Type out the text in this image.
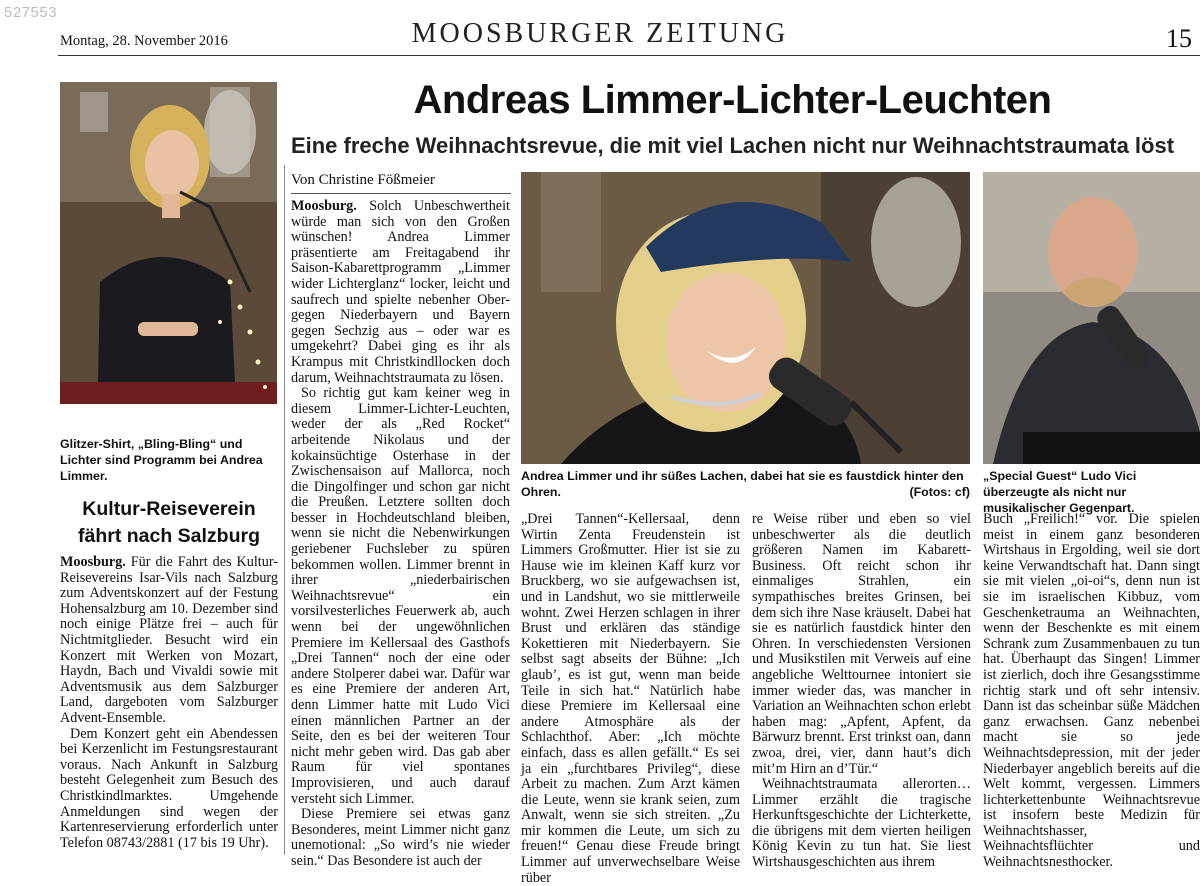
527553
Montag, 28. November 2016	MOOSBURGER ZEITUNG	15
Glitzer-Shirt, „Bling-Bling“ und Lichter sind Programm bei Andrea Limmer.
Kultur-Reiseverein
fährt nach Salzburg

Moosburg. Für die Fahrt des Kultur-Reisevereins Isar-Vils nach Salzburg zum Adventskonzert auf der Festung Hohensalzburg am 10. Dezember sind noch einige Plätze frei – auch für Nichtmitglieder. Besucht wird ein Konzert mit Werken von Mozart, Haydn, Bach und Vivaldi sowie mit Adventsmusik aus dem Salzburger Land, dargeboten vom Salzburger Advent-Ensemble.

Dem Konzert geht ein Abendessen bei Kerzenlicht im Festungsrestaurant voraus. Nach Ankunft in Salzburg besteht Gelegenheit zum Besuch des Christkindlmarktes. Umgehende Anmeldungen sind wegen der Kartenreservierung erforderlich unter Telefon 08743/2881 (17 bis 19 Uhr).

Andreas Limmer-Lichter-Leuchten
Eine freche Weihnachtsrevue, die mit viel Lachen nicht nur Weihnachtstraumata löst
Von Christine Fößmeier

Moosburg. Solch Unbeschwertheit würde man sich von den Großen wünschen! Andrea Limmer präsentierte am Freitagabend ihr Saison-Kabarettprogramm „Limmer wider Lichterglanz“ locker, leicht und saufrech und spielte nebenher Ober- gegen Niederbayern und Bayern gegen Sechzig aus – oder war es umgekehrt? Dabei ging es ihr als Krampus mit Christkindllocken doch darum, Weihnachtstraumata zu lösen.

So richtig gut kam keiner weg in diesem Limmer-Lichter-Leuchten, weder der als „Red Rocket“ arbeitende Nikolaus und der kokainsüchtige Osterhase in der Zwischensaison auf Mallorca, noch die Dingolfinger und schon gar nicht die Preußen. Letztere sollten doch besser in Hochdeutschland bleiben, wenn sie nicht die Nebenwirkungen geriebener Fuchsleber zu spüren bekommen wollen. Limmer brennt in ihrer „niederbairischen Weihnachtsrevue“ ein vorsilvesterliches Feuerwerk ab, auch wenn bei der ungewöhnlichen Premiere im Kellersaal des Gasthofs „Drei Tannen“ noch der eine oder andere Stolperer dabei war. Dafür war es eine Premiere der anderen Art, denn Limmer hatte mit Ludo Vici einen männlichen Partner an der Seite, den es bei der weiteren Tour nicht mehr geben wird. Das gab aber Raum für viel spontanes Improvisieren, und auch darauf versteht sich Limmer.

Diese Premiere sei etwas ganz Besonderes, meint Limmer nicht ganz unemotional: „So wird’s nie wieder sein.“ Das Besondere ist auch der

Andrea Limmer und ihr süßes Lachen, dabei hat sie es faustdick hinter den Ohren.	(Fotos: cf)
„Special Guest“ Ludo Vici überzeugte als nicht nur musikalischer Gegenpart.

„Drei Tannen“-Kellersaal, denn Wirtin Zenta Freudenstein ist Limmers Großmutter. Hier ist sie zu Hause wie im kleinen Kaff kurz vor Bruckberg, wo sie aufgewachsen ist, und in Landshut, wo sie mittlerweile wohnt. Zwei Herzen schlagen in ihrer Brust und erklären das ständige Kokettieren mit Niederbayern. Sie selbst sagt abseits der Bühne: „Ich glaub’, es ist gut, wenn man beide Teile in sich hat.“ Natürlich habe diese Premiere im Kellersaal eine andere Atmosphäre als der Schlachthof. Aber: „Ich möchte einfach, dass es allen gefällt.“ Es sei ja ein „furchtbares Privileg“, diese Arbeit zu machen. Zum Arzt kämen die Leute, wenn sie krank seien, zum Anwalt, wenn sie sich streiten. „Zu mir kommen die Leute, um sich zu freuen!“ Genau diese Freude bringt Limmer auf unverwechselbare Weise rüber

re Weise rüber und eben so viel unbeschwerter als die deutlich größeren Namen im Kabarett-Business. Oft reicht schon ihr einmaliges Strahlen, ein sympathisches breites Grinsen, bei dem sich ihre Nase kräuselt. Dabei hat sie es natürlich faustdick hinter den Ohren. In verschiedensten Versionen und Musikstilen mit Verweis auf eine angebliche Welttournee intoniert sie immer wieder das, was mancher in Variation an Weihnachten schon erlebt haben mag: „Apfent, Apfent, da Bärwurz brennt. Erst trinkst oan, dann zwoa, drei, vier, dann haut’s dich mit’m Hirn an d’Tür.“

Weihnachtstraumata allerorten… Limmer erzählt die tragische Herkunftsgeschichte der Lichterkette, die übrigens mit dem vierten heiligen König Kevin zu tun hat. Sie liest Wirtshausgeschichten aus ihrem

Buch „Freilich!“ vor. Die spielen meist in einem ganz besonderen Wirtshaus in Ergolding, weil sie dort keine Verwandtschaft hat. Dann singt sie mit vielen „oi-oi“s, denn nun ist sie im israelischen Kibbuz, vom Geschenketrauma an Weihnachten, wenn der Beschenkte es mit einem Schrank zum Zusammenbauen zu tun hat. Überhaupt das Singen! Limmer ist zierlich, doch ihre Gesangsstimme richtig stark und oft sehr intensiv. Dann ist das scheinbar süße Mädchen ganz erwachsen. Ganz nebenbei macht sie so jede Weihnachtsdepression, mit der jeder Niederbayer angeblich bereits auf die Welt kommt, vergessen. Limmers lichterkettenbunte Weihnachtsrevue ist insofern beste Medizin für Weihnachtshasser, Weihnachtsflüchter und Weihnachtsnesthocker.
